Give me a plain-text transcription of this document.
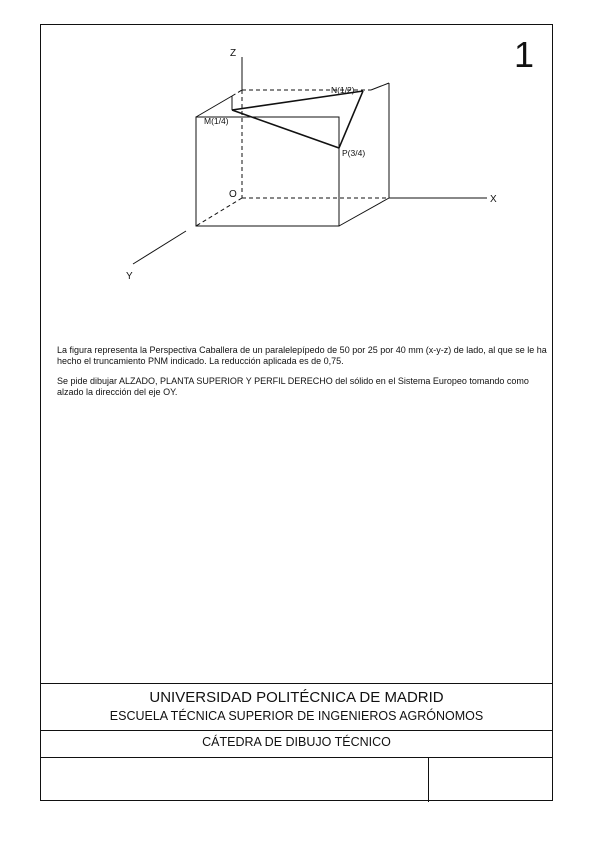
1
Z
X
Y
O
M(1/4)
N(1/2)
P(3/4)

La figura representa la Perspectiva Caballera de un paralelepípedo de 50 por 25 por 40 mm (x-y-z) de lado, al que se le ha hecho el truncamiento PNM indicado. La reducción aplicada es de 0,75.

Se pide dibujar ALZADO, PLANTA SUPERIOR Y PERFIL DERECHO del sólido en el Sistema Europeo tomando como alzado la dirección del eje OY.

UNIVERSIDAD POLITÉCNICA DE MADRID
ESCUELA TÉCNICA SUPERIOR DE INGENIEROS AGRÓNOMOS
CÁTEDRA DE DIBUJO TÉCNICO
